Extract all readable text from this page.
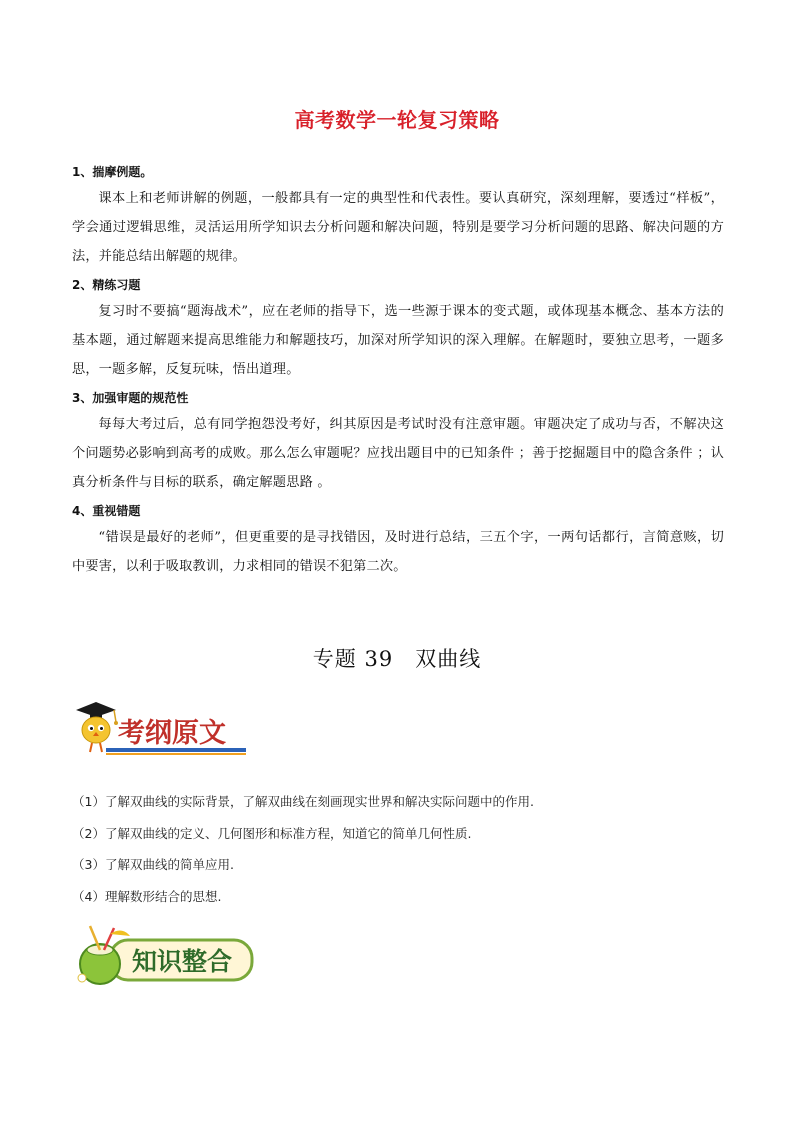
高考数学一轮复习策略

1、揣摩例题。

课本上和老师讲解的例题，一般都具有一定的典型性和代表性。要认真研究，深刻理解，要透过“样板”，学会通过逻辑思维，灵活运用所学知识去分析问题和解决问题，特别是要学习分析问题的思路、解决问题的方法，并能总结出解题的规律。

2、精练习题

复习时不要搞“题海战术”，应在老师的指导下，选一些源于课本的变式题，或体现基本概念、基本方法的基本题，通过解题来提高思维能力和解题技巧，加深对所学知识的深入理解。在解题时，要独立思考，一题多思，一题多解，反复玩味，悟出道理。

3、加强审题的规范性

每每大考过后，总有同学抱怨没考好，纠其原因是考试时没有注意审题。审题决定了成功与否，不解决这个问题势必影响到高考的成败。那么怎么审题呢？应找出题目中的已知条件 ；善于挖掘题目中的隐含条件 ；认真分析条件与目标的联系，确定解题思路 。

4、重视错题

“错误是最好的老师”，但更重要的是寻找错因，及时进行总结，三五个字，一两句话都行，言简意赅，切中要害，以利于吸取教训，力求相同的错误不犯第二次。

专题 39　双曲线
考纲原文

（1）了解双曲线的实际背景，了解双曲线在刻画现实世界和解决实际问题中的作用.

（2）了解双曲线的定义、几何图形和标准方程，知道它的简单几何性质.

（3）了解双曲线的简单应用.

（4）理解数形结合的思想.

知识整合
